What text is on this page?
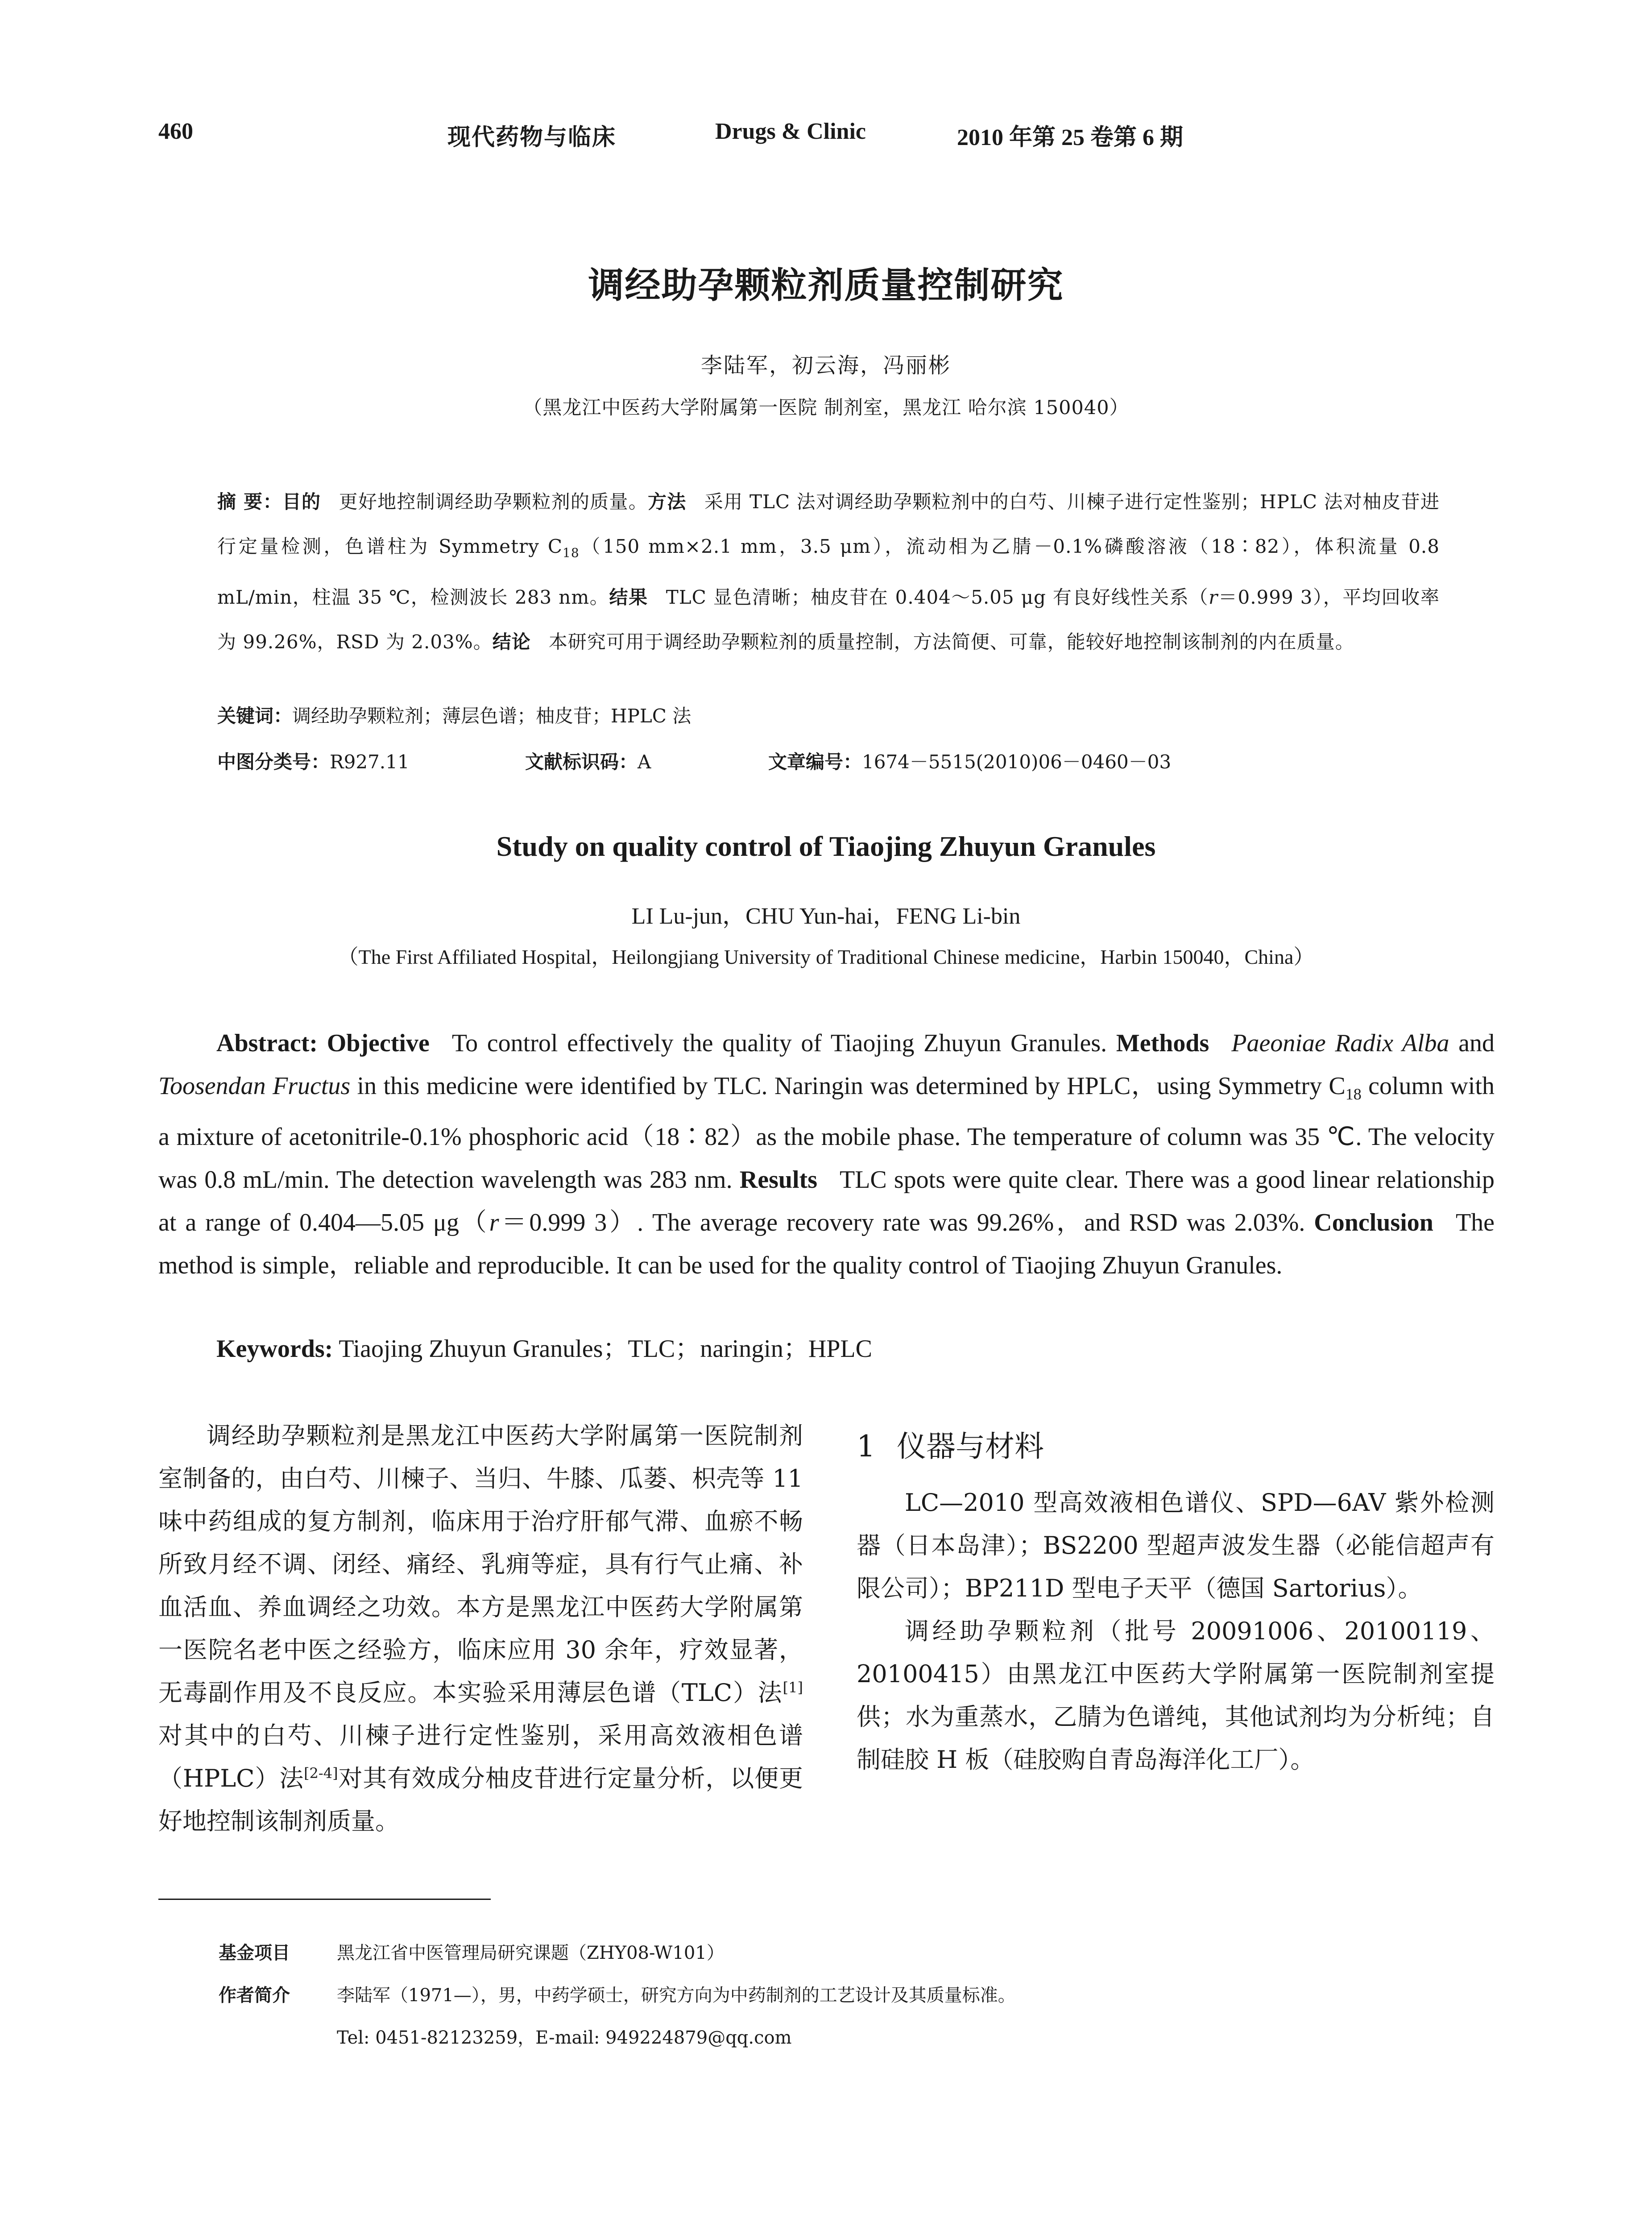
460	现代药物与临床	Drugs & Clinic	2010 年第 25 卷第 6 期
调经助孕颗粒剂质量控制研究
李陆军，初云海，冯丽彬
（黑龙江中医药大学附属第一医院 制剂室，黑龙江 哈尔滨 150040）
摘 要：目的 更好地控制调经助孕颗粒剂的质量。方法 采用 TLC 法对调经助孕颗粒剂中的白芍、川楝子进行定性鉴别；HPLC 法对柚皮苷进行定量检测，色谱柱为 Symmetry $C_{18}(150$ mm×2.1 mm，3.5 μm），流动相为乙腈－0.1%磷酸溶液（18∶82），体积流量 0.8 mL/min，柱温 35 ℃，检测波长 283 nm。结果 TLC 显色清晰；柚皮苷在 0.404～5.05 μg 有良好线性关系（r＝0.999 3），平均回收率为 99.26%，RSD 为 2.03%。结论 本研究可用于调经助孕颗粒剂的质量控制，方法简便、可靠，能较好地控制该制剂的内在质量。
关键词：调经助孕颗粒剂；薄层色谱；柚皮苷；HPLC 法
中图分类号：R927.11	文献标识码：A	文章编号：1674－5515(2010)06－0460－03
Study on quality control of Tiaojing Zhuyun Granules
LI Lu-jun，CHU Yun-hai，FENG Li-bin
（The First Affiliated Hospital，Heilongjiang University of Traditional Chinese medicine，Harbin 150040，China）
Abstract: Objective To control effectively the quality of Tiaojing Zhuyun Granules. Methods Paeoniae Radix Alba and Toosendan Fructus in this medicine were identified by TLC. Naringin was determined by HPLC，using Symmetry $C_{18}$ column with a mixture of acetonitrile-0.1% phosphoric acid（18∶82）as the mobile phase. The temperature of column was 35 ℃. The velocity was 0.8 mL/min. The detection wavelength was 283 nm. Results TLC spots were quite clear. There was a good linear relationship at a range of 0.404—5.05 μg（r＝0.999 3）. The average recovery rate was 99.26%，and RSD was 2.03%. Conclusion The method is simple，reliable and reproducible. It can be used for the quality control of Tiaojing Zhuyun Granules.
Keywords: Tiaojing Zhuyun Granules；TLC；naringin；HPLC
调经助孕颗粒剂是黑龙江中医药大学附属第一医院制剂室制备的，由白芍、川楝子、当归、牛膝、瓜蒌、枳壳等 11 味中药组成的复方制剂，临床用于治疗肝郁气滞、血瘀不畅所致月经不调、闭经、痛经、乳痈等症，具有行气止痛、补血活血、养血调经之功效。本方是黑龙江中医药大学附属第一医院名老中医之经验方，临床应用 30 余年，疗效显著，无毒副作用及不良反应。本实验采用薄层色谱（TLC）法[1]对其中的白芍、川楝子进行定性鉴别，采用高效液相色谱（HPLC）法[2-4]对其有效成分柚皮苷进行定量分析，以便更好地控制该制剂质量。
1 仪器与材料

LC—2010 型高效液相色谱仪、SPD—6AV 紫外检测器（日本岛津）；BS2200 型超声波发生器（必能信超声有限公司）；BP211D 型电子天平（德国 Sartorius）。

调经助孕颗粒剂（批号 20091006、20100119、20100415）由黑龙江中医药大学附属第一医院制剂室提供；水为重蒸水，乙腈为色谱纯，其他试剂均为分析纯；自制硅胶 H 板（硅胶购自青岛海洋化工厂）。

基金项目	黑龙江省中医管理局研究课题（ZHY08-W101）
作者简介	李陆军（1971—），男，中药学硕士，研究方向为中药制剂的工艺设计及其质量标准。
Tel: 0451-82123259，E-mail: 949224879@qq.com
